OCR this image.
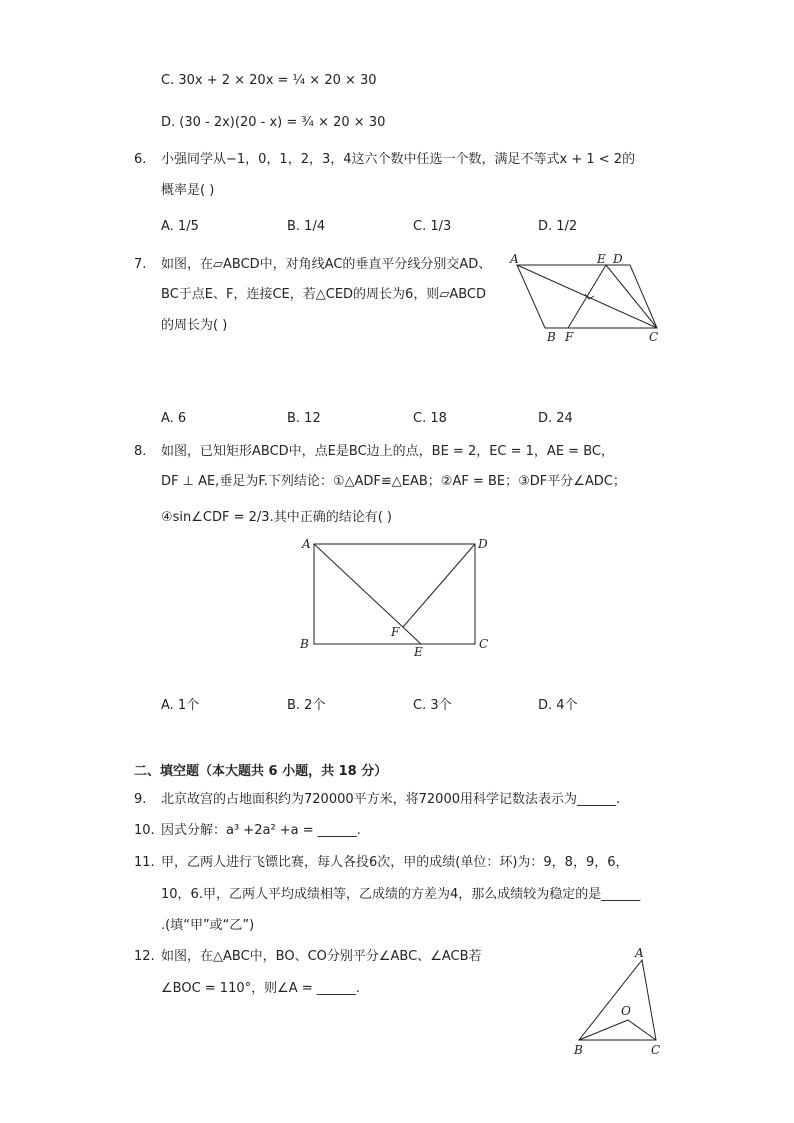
C. 30x + 2 × 20x = ¼ × 20 × 30
D. (30 - 2x)(20 - x) = ¾ × 20 × 30
6. 小强同学从−1，0，1，2，3，4这六个数中任选一个数，满足不等式x + 1 < 2的
概率是( )
A. 1/5	B. 1/4	C. 1/3	D. 1/2
7. 如图，在▱ABCD中，对角线AC的垂直平分线分别交AD、
BC于点E、F，连接CE，若△CED的周长为6，则▱ABCD
的周长为( )
A	E D
B F	C
A. 6	B. 12	C. 18	D. 24
8. 如图，已知矩形ABCD中，点E是BC边上的点，BE = 2，EC = 1，AE = BC，
DF ⊥ AE,垂足为F.下列结论：①△ADF≌△EAB；②AF = BE；③DF平分∠ADC；
④sin∠CDF = 2/3.其中正确的结论有( )
A	D
B	C
F
E
A. 1个	B. 2个	C. 3个	D. 4个
二、填空题（本大题共 6 小题，共 18 分）
9. 北京故宫的占地面积约为720000平方米，将72000用科学记数法表示为______.
10. 因式分解：a³ +2a² +a = ______.
11. 甲，乙两人进行飞镖比赛，每人各投6次，甲的成绩(单位：环)为：9，8，9，6，
10，6.甲，乙两人平均成绩相等，乙成绩的方差为4，那么成绩较为稳定的是______
.(填“甲”或“乙”)
12. 如图，在△ABC中，BO、CO分别平分∠ABC、∠ACB若
∠BOC = 110°，则∠A = ______.
A
O
B	C
